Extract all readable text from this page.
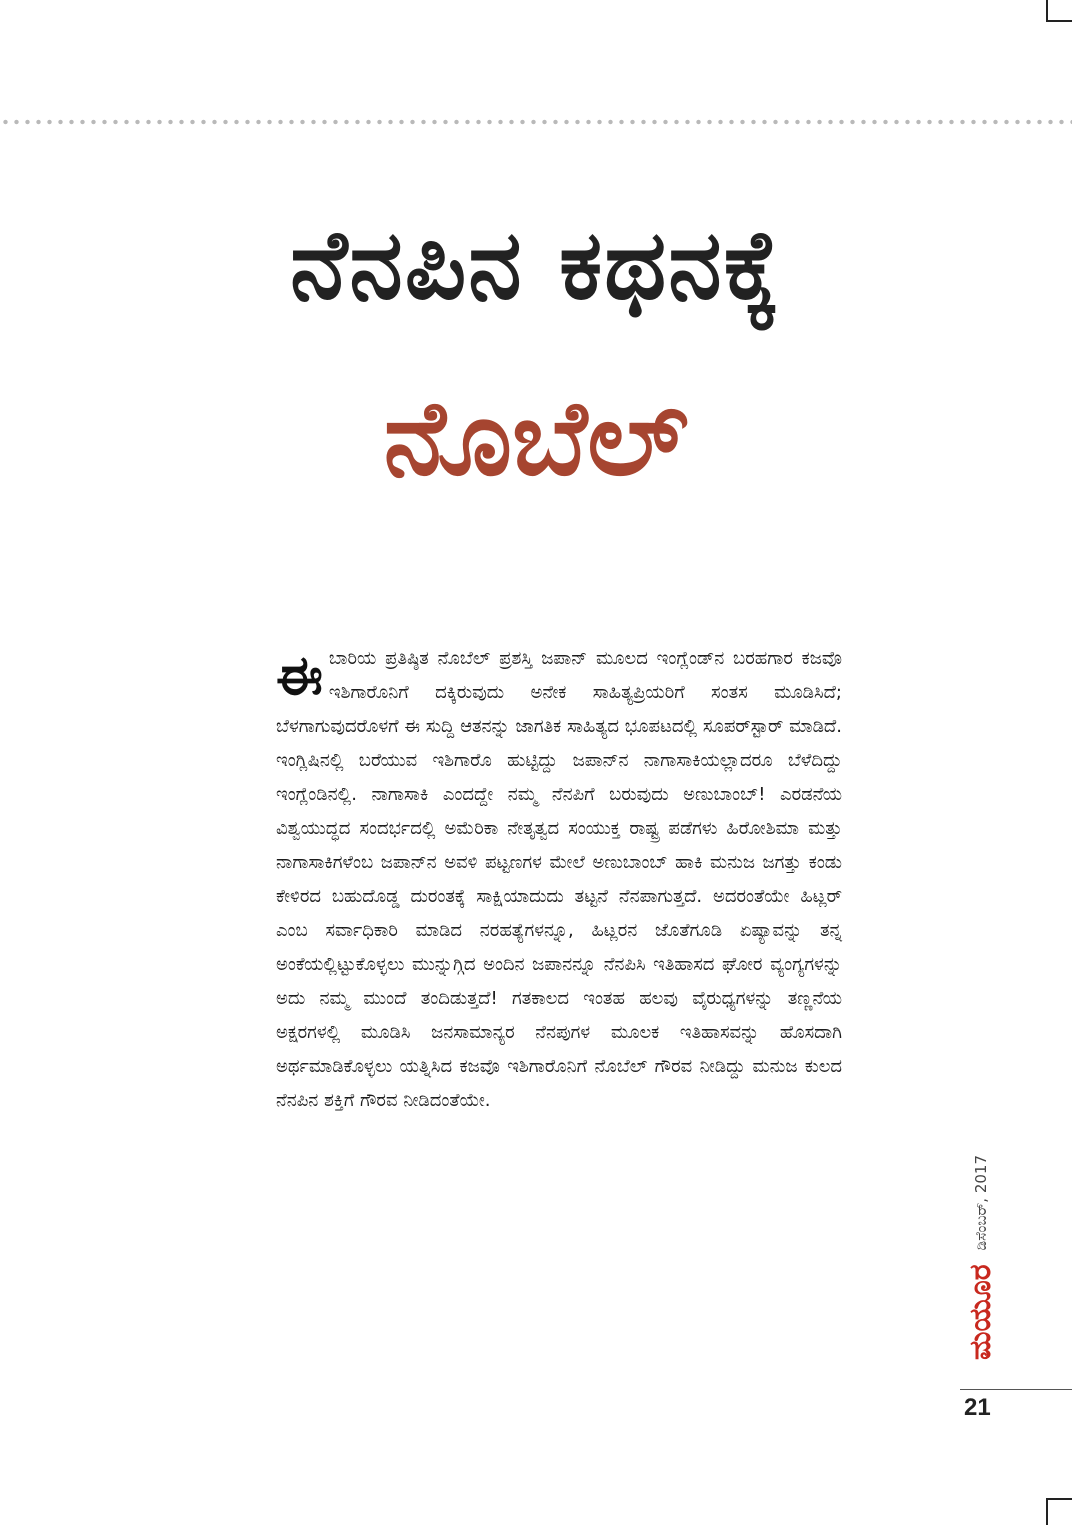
ನೆನಪಿನ ಕಥನಕ್ಕೆ
ನೊಬೆಲ್
ಈ ಬಾರಿಯ ಪ್ರತಿಷ್ಠಿತ ನೊಬೆಲ್ ಪ್ರಶಸ್ತಿ ಜಪಾನ್ ಮೂಲದ ಇಂಗ್ಲೆಂಡ್‌ನ ಬರಹಗಾರ ಕಜವೊ ಇಶಿಗಾರೊನಿಗೆ ದಕ್ಕಿರುವುದು ಅನೇಕ ಸಾಹಿತ್ಯಪ್ರಿಯರಿಗೆ ಸಂತಸ ಮೂಡಿಸಿದೆ; ಬೆಳಗಾಗುವುದರೊಳಗೆ ಈ ಸುದ್ದಿ ಆತನನ್ನು ಜಾಗತಿಕ ಸಾಹಿತ್ಯದ ಭೂಪಟದಲ್ಲಿ ಸೂಪರ್‌ಸ್ಟಾರ್ ಮಾಡಿದೆ. ಇಂಗ್ಲಿಷಿನಲ್ಲಿ ಬರೆಯುವ ಇಶಿಗಾರೊ ಹುಟ್ಟಿದ್ದು ಜಪಾನ್‌ನ ನಾಗಾಸಾಕಿಯಲ್ಲಾದರೂ ಬೆಳೆದಿದ್ದು ಇಂಗ್ಲೆಂಡಿನಲ್ಲಿ. ನಾಗಾಸಾಕಿ ಎಂದದ್ದೇ ನಮ್ಮ ನೆನಪಿಗೆ ಬರುವುದು ಅಣುಬಾಂಬ್! ಎರಡನೆಯ ವಿಶ್ವಯುದ್ಧದ ಸಂದರ್ಭದಲ್ಲಿ ಅಮೆರಿಕಾ ನೇತೃತ್ವದ ಸಂಯುಕ್ತ ರಾಷ್ಟ್ರ ಪಡೆಗಳು ಹಿರೋಶಿಮಾ ಮತ್ತು ನಾಗಾಸಾಕಿಗಳೆಂಬ ಜಪಾನ್‌ನ ಅವಳಿ ಪಟ್ಟಣಗಳ ಮೇಲೆ ಅಣುಬಾಂಬ್ ಹಾಕಿ ಮನುಜ ಜಗತ್ತು ಕಂಡು ಕೇಳಿರದ ಬಹುದೊಡ್ಡ ದುರಂತಕ್ಕೆ ಸಾಕ್ಷಿಯಾದುದು ತಟ್ಟನೆ ನೆನಪಾಗುತ್ತದೆ. ಅದರಂತೆಯೇ ಹಿಟ್ಲರ್ ಎಂಬ ಸರ್ವಾಧಿಕಾರಿ ಮಾಡಿದ ನರಹತ್ಯೆಗಳನ್ನೂ, ಹಿಟ್ಲರನ ಜೊತೆಗೂಡಿ ಏಷ್ಯಾವನ್ನು ತನ್ನ ಅಂಕೆಯಲ್ಲಿಟ್ಟುಕೊಳ್ಳಲು ಮುನ್ನುಗ್ಗಿದ ಅಂದಿನ ಜಪಾನನ್ನೂ ನೆನಪಿಸಿ ಇತಿಹಾಸದ ಘೋರ ವ್ಯಂಗ್ಯಗಳನ್ನು ಅದು ನಮ್ಮ ಮುಂದೆ ತಂದಿಡುತ್ತದೆ! ಗತಕಾಲದ ಇಂತಹ ಹಲವು ವೈರುಧ್ಯಗಳನ್ನು ತಣ್ಣನೆಯ ಅಕ್ಷರಗಳಲ್ಲಿ ಮೂಡಿಸಿ ಜನಸಾಮಾನ್ಯರ ನೆನಪುಗಳ ಮೂಲಕ ಇತಿಹಾಸವನ್ನು ಹೊಸದಾಗಿ ಅರ್ಥಮಾಡಿಕೊಳ್ಳಲು ಯತ್ನಿಸಿದ ಕಜವೊ ಇಶಿಗಾರೊನಿಗೆ ನೊಬೆಲ್ ಗೌರವ ನೀಡಿದ್ದು ಮನುಜ ಕುಲದ ನೆನಪಿನ ಶಕ್ತಿಗೆ ಗೌರವ ನೀಡಿದಂತೆಯೇ.
ಮಯೂರ
ಡಿಸೆಂಬರ್, 2017
21
